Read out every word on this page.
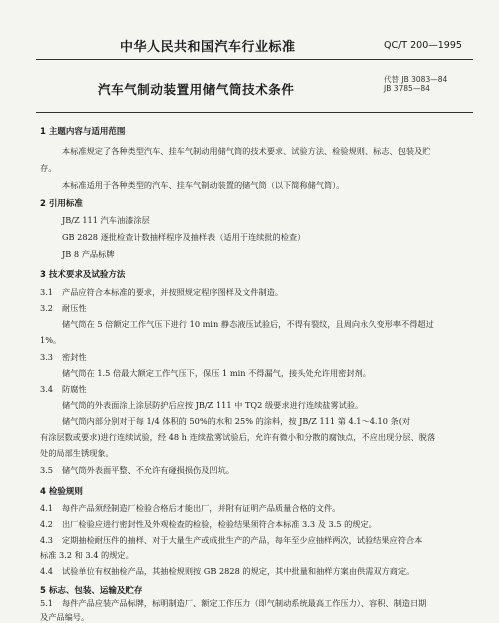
中华人民共和国汽车行业标准	QC/T 200—1995
汽车气制动装置用储气筒技术条件
代替 JB 3083—84
JB 3785—84
1 主题内容与适用范围
本标准规定了各种类型汽车、挂车气制动用储气筒的技术要求、试验方法、检验规则、标志、包装及贮
存。
本标准适用于各种类型的汽车、挂车气制动装置的储气筒（以下简称储气筒）。
2 引用标准
JB/Z 111 汽车油漆涂层
GB 2828 逐批检查计数抽样程序及抽样表（适用于连续批的检查）
JB 8 产品标牌
3 技术要求及试验方法
3.1 产品应符合本标准的要求，并按照规定程序图样及文件制造。
3.2 耐压性
储气筒在 5 倍额定工作气压下进行 10 min 静态液压试验后，不得有裂纹，且周向永久变形率不得超过
1%。
3.3 密封性
储气筒在 1.5 倍最大额定工作气压下，保压 1 min 不得漏气，接头处允许用密封剂。
3.4 防腐性
储气筒的外表面涂上涂层防护后应按 JB/Z 111 中 TQ2 级要求进行连续盐雾试验。
储气筒内部分别对于每 1/4 体积的 50%的水和 25% 的涂料，按 JB/Z 111 第 4.1～4.10 条(对
有涂层数或要求)进行连续试验，经 48 h 连续盐雾试验后，允许有微小和分散的腐蚀点，不应出现分层、脱落
处的局部生锈现象。
3.5 储气筒外表面平整、不允许有碰损损伤及凹坑。
4 检验规则
4.1 每件产品须经制造厂检验合格后才能出厂，并附有证明产品质量合格的文件。
4.2 出厂检验应进行密封性及外观检查的检验，检验结果须符合本标准 3.3 及 3.5 的规定。
4.3 定期抽检耐压件的抽样、对于大量生产或成批生产的产品，每年至少应抽样两次，试验结果应符合本
标准 3.2 和 3.4 的规定。
4.4 试验单位有权抽检产品，其抽检规则按 GB 2828 的规定，其中批量和抽样方案由供需双方商定。
5 标志、包装、运输及贮存
5.1 每件产品应装产品标牌，标明制造厂、额定工作压力（即气制动系统最高工作压力）、容积、制造日期
及产品编号。
